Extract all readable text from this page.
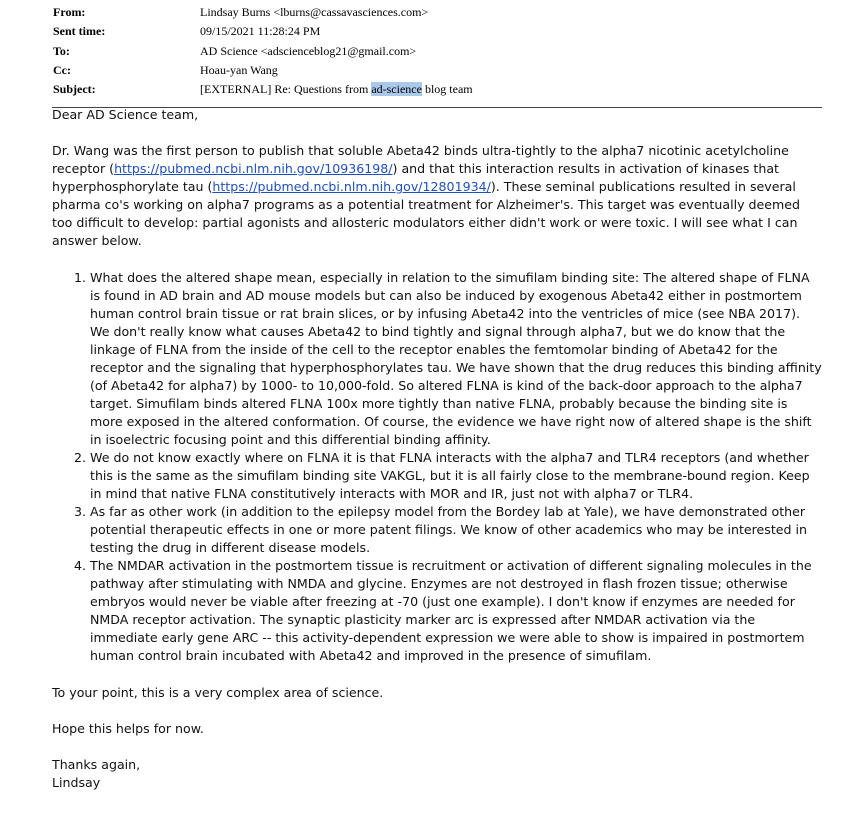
From:	Lindsay Burns <lburns@cassavasciences.com>
Sent time:	09/15/2021 11:28:24 PM
To:	AD Science <adscienceblog21@gmail.com>
Cc:	Hoau-yan Wang
Subject:	[EXTERNAL] Re: Questions from ad-science blog team

Dear AD Science team,

Dr. Wang was the first person to publish that soluble Abeta42 binds ultra-tightly to the alpha7 nicotinic acetylcholine receptor (https://pubmed.ncbi.nlm.nih.gov/10936198/) and that this interaction results in activation of kinases that hyperphosphorylate tau (https://pubmed.ncbi.nlm.nih.gov/12801934/). These seminal publications resulted in several pharma co's working on alpha7 programs as a potential treatment for Alzheimer's. This target was eventually deemed too difficult to develop: partial agonists and allosteric modulators either didn't work or were toxic. I will see what I can answer below.

1. What does the altered shape mean, especially in relation to the simufilam binding site: The altered shape of FLNA is found in AD brain and AD mouse models but can also be induced by exogenous Abeta42 either in postmortem human control brain tissue or rat brain slices, or by infusing Abeta42 into the ventricles of mice (see NBA 2017). We don't really know what causes Abeta42 to bind tightly and signal through alpha7, but we do know that the linkage of FLNA from the inside of the cell to the receptor enables the femtomolar binding of Abeta42 for the receptor and the signaling that hyperphosphorylates tau. We have shown that the drug reduces this binding affinity (of Abeta42 for alpha7) by 1000- to 10,000-fold. So altered FLNA is kind of the back-door approach to the alpha7 target. Simufilam binds altered FLNA 100x more tightly than native FLNA, probably because the binding site is more exposed in the altered conformation. Of course, the evidence we have right now of altered shape is the shift in isoelectric focusing point and this differential binding affinity.
2. We do not know exactly where on FLNA it is that FLNA interacts with the alpha7 and TLR4 receptors (and whether this is the same as the simufilam binding site VAKGL, but it is all fairly close to the membrane-bound region. Keep in mind that native FLNA constitutively interacts with MOR and IR, just not with alpha7 or TLR4.
3. As far as other work (in addition to the epilepsy model from the Bordey lab at Yale), we have demonstrated other potential therapeutic effects in one or more patent filings. We know of other academics who may be interested in testing the drug in different disease models.
4. The NMDAR activation in the postmortem tissue is recruitment or activation of different signaling molecules in the pathway after stimulating with NMDA and glycine. Enzymes are not destroyed in flash frozen tissue; otherwise embryos would never be viable after freezing at -70 (just one example). I don't know if enzymes are needed for NMDA receptor activation. The synaptic plasticity marker arc is expressed after NMDAR activation via the immediate early gene ARC -- this activity-dependent expression we were able to show is impaired in postmortem human control brain incubated with Abeta42 and improved in the presence of simufilam.

To your point, this is a very complex area of science.

Hope this helps for now.

Thanks again,

Lindsay
